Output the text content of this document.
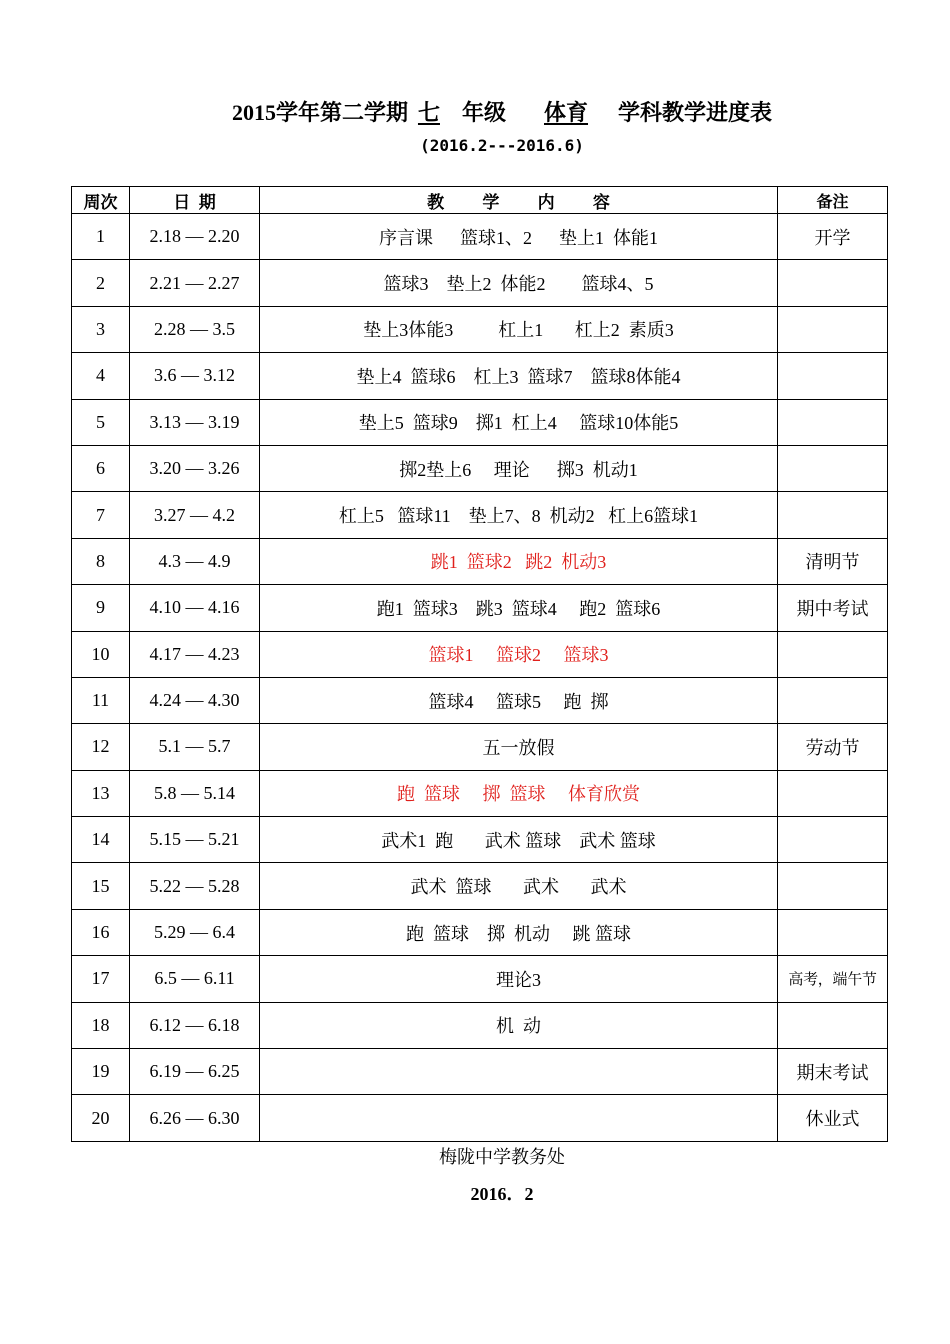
2015学年第二学期 七 年级 体育 学科教学进度表
(2016.2---2016.6)
周次	日  期	教         学         内         容	备注
1	2.18 — 2.20	序言课      篮球1、2      垫上1  体能1	开学
2	2.21 — 2.27	篮球3    垫上2  体能2        篮球4、5	
3	2.28 — 3.5	垫上3体能3          杠上1       杠上2  素质3	
4	3.6 — 3.12	垫上4  篮球6    杠上3  篮球7    篮球8体能4	
5	3.13 — 3.19	垫上5  篮球9    掷1  杠上4     篮球10体能5	
6	3.20 — 3.26	掷2垫上6     理论      掷3  机动1	
7	3.27 — 4.2	杠上5   篮球11    垫上7、8  机动2   杠上6篮球1	
8	4.3 — 4.9	跳1  篮球2   跳2  机动3	清明节
9	4.10 — 4.16	跑1  篮球3    跳3  篮球4     跑2  篮球6	期中考试
10	4.17 — 4.23	篮球1     篮球2     篮球3	
11	4.24 — 4.30	篮球4     篮球5     跑  掷	
12	5.1 — 5.7	五一放假	劳动节
13	5.8 — 5.14	跑  篮球     掷  篮球     体育欣赏	
14	5.15 — 5.21	武术1  跑       武术 篮球    武术 篮球	
15	5.22 — 5.28	武术  篮球       武术       武术	
16	5.29 — 6.4	跑  篮球    掷  机动     跳 篮球	
17	6.5 — 6.11	理论3	高考，端午节
18	6.12 — 6.18	机  动	
19	6.19 — 6.25		期末考试
20	6.26 — 6.30		休业式
梅陇中学教务处
2016．2
